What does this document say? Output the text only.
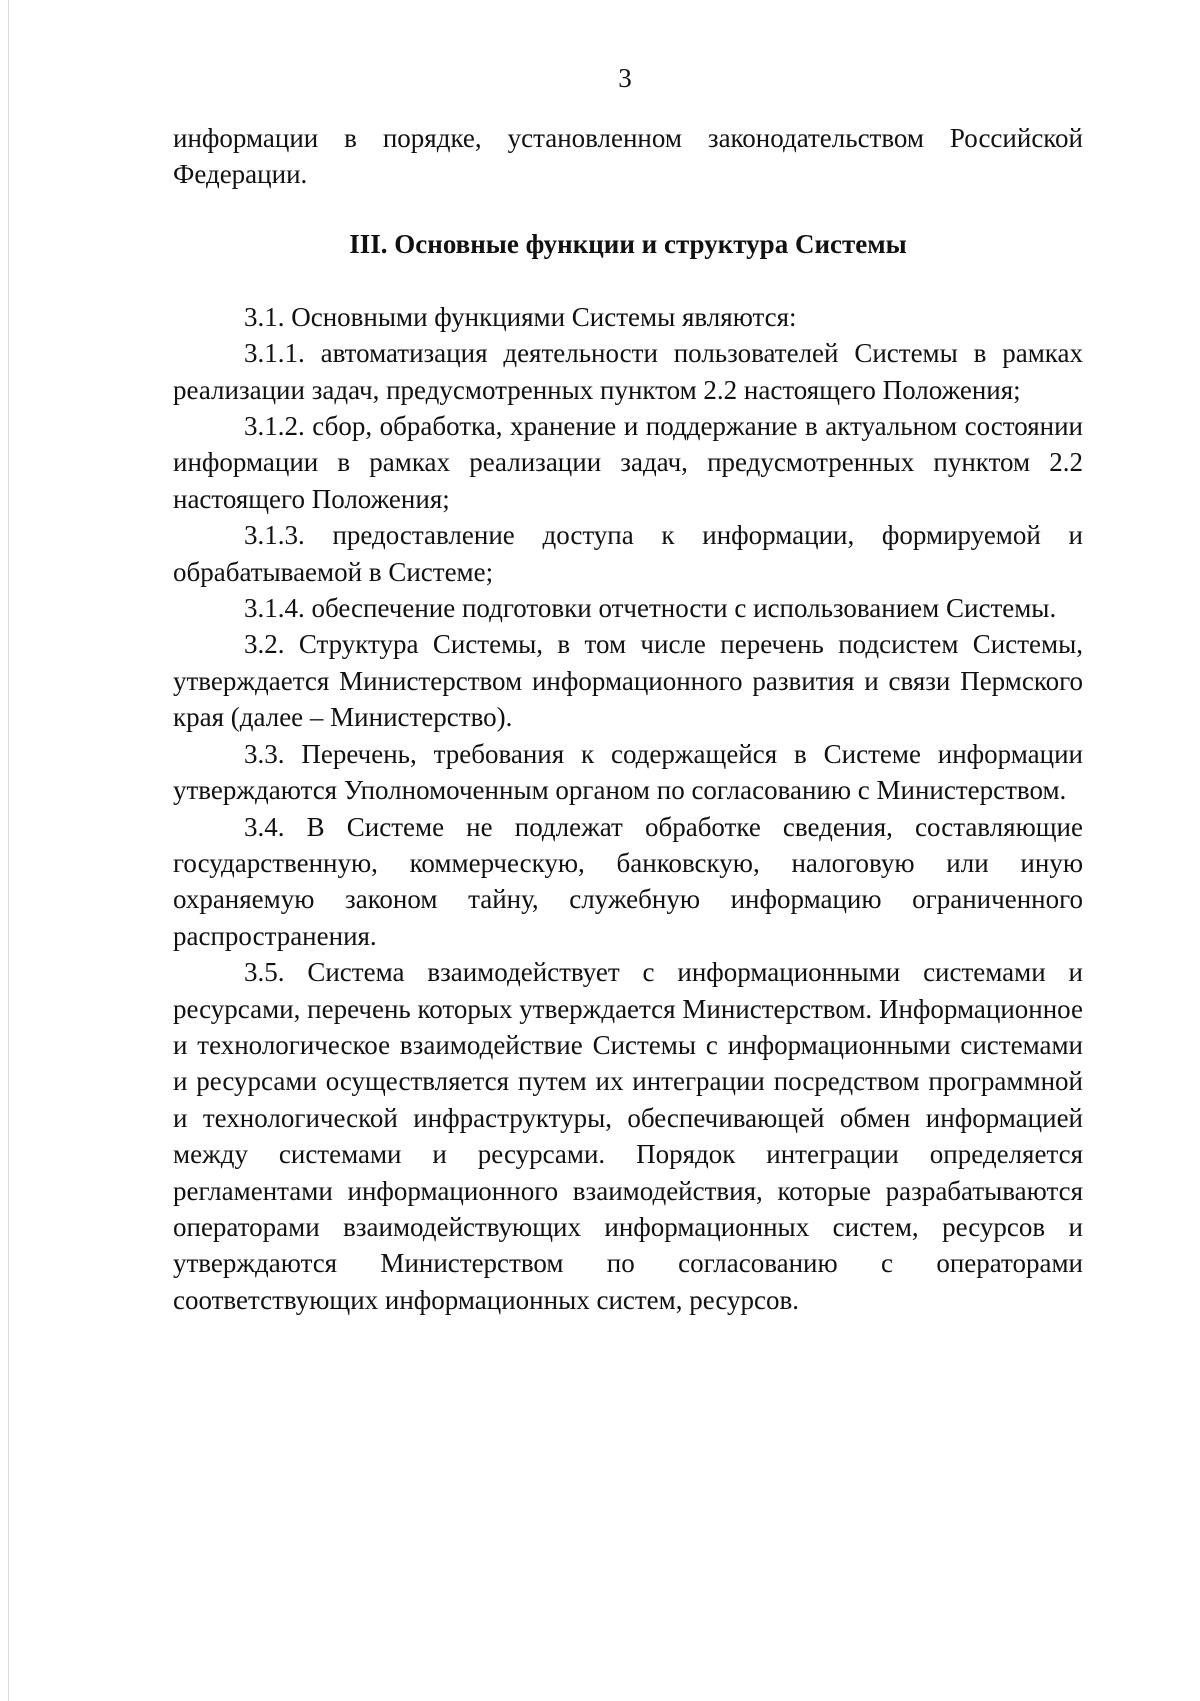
3

информации в порядке, установленном законодательством Российской Федерации.

III. Основные функции и структура Системы

3.1. Основными функциями Системы являются:

3.1.1. автоматизация деятельности пользователей Системы в рамках реализации задач, предусмотренных пунктом 2.2 настоящего Положения;

3.1.2. сбор, обработка, хранение и поддержание в актуальном состоянии информации в рамках реализации задач, предусмотренных пунктом 2.2 настоящего Положения;

3.1.3. предоставление доступа к информации, формируемой и обрабатываемой в Системе;

3.1.4. обеспечение подготовки отчетности с использованием Системы.

3.2. Структура Системы, в том числе перечень подсистем Системы, утверждается Министерством информационного развития и связи Пермского края (далее – Министерство).

3.3. Перечень, требования к содержащейся в Системе информации утверждаются Уполномоченным органом по согласованию с Министерством.

3.4. В Системе не подлежат обработке сведения, составляющие государственную, коммерческую, банковскую, налоговую или иную охраняемую законом тайну, служебную информацию ограниченного распространения.

3.5. Система взаимодействует с информационными системами и ресурсами, перечень которых утверждается Министерством. Информационное и технологическое взаимодействие Системы с информационными системами и ресурсами осуществляется путем их интеграции посредством программной и технологической инфраструктуры, обеспечивающей обмен информацией между системами и ресурсами. Порядок интеграции определяется регламентами информационного взаимодействия, которые разрабатываются операторами взаимодействующих информационных систем, ресурсов и утверждаются Министерством по согласованию с операторами соответствующих информационных систем, ресурсов.
